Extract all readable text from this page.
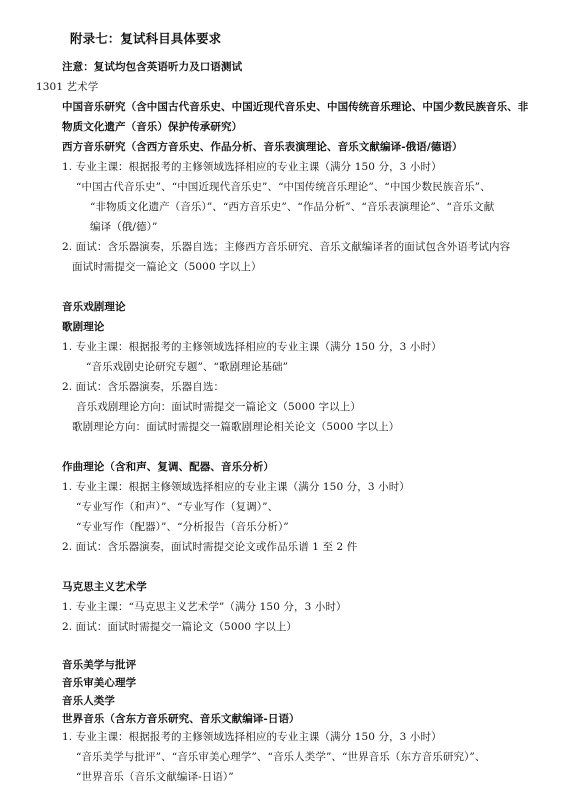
附录七：复试科目具体要求
注意：复试均包含英语听力及口语测试
1301 艺术学
中国音乐研究（含中国古代音乐史、中国近现代音乐史、中国传统音乐理论、中国少数民族音乐、非
物质文化遗产（音乐）保护传承研究）
西方音乐研究（含西方音乐史、作品分析、音乐表演理论、音乐文献编译-俄语/德语）
1. 专业主课：根据报考的主修领域选择相应的专业主课（满分 150 分，3 小时）
“中国古代音乐史”、“中国近现代音乐史”、“中国传统音乐理论”、“中国少数民族音乐”、
“非物质文化遗产（音乐）”、“西方音乐史”、“作品分析”、“音乐表演理论”、“音乐文献
编译（俄/德）”
2. 面试：含乐器演奏，乐器自选；主修西方音乐研究、音乐文献编译者的面试包含外语考试内容
面试时需提交一篇论文（5000 字以上）
音乐戏剧理论
歌剧理论
1. 专业主课：根据报考的主修领域选择相应的专业主课（满分 150 分，3 小时）
“音乐戏剧史论研究专题”、“歌剧理论基础”
2. 面试：含乐器演奏，乐器自选：
音乐戏剧理论方向：面试时需提交一篇论文（5000 字以上）
歌剧理论方向：面试时需提交一篇歌剧理论相关论文（5000 字以上）
作曲理论（含和声、复调、配器、音乐分析）
1. 专业主课：根据主修领域选择相应的专业主课（满分 150 分，3 小时）
“专业写作（和声）”、“专业写作（复调）”、
“专业写作（配器）”、“分析报告（音乐分析）”
2. 面试：含乐器演奏，面试时需提交论文或作品乐谱 1 至 2 件
马克思主义艺术学
1. 专业主课：“马克思主义艺术学”（满分 150 分，3 小时）
2. 面试：面试时需提交一篇论文（5000 字以上）
音乐美学与批评
音乐审美心理学
音乐人类学
世界音乐（含东方音乐研究、音乐文献编译-日语）
1. 专业主课：根据报考的主修领域选择相应的专业主课（满分 150 分，3 小时）
“音乐美学与批评”、“音乐审美心理学”、“音乐人类学”、“世界音乐（东方音乐研究）”、
“世界音乐（音乐文献编译-日语）”
